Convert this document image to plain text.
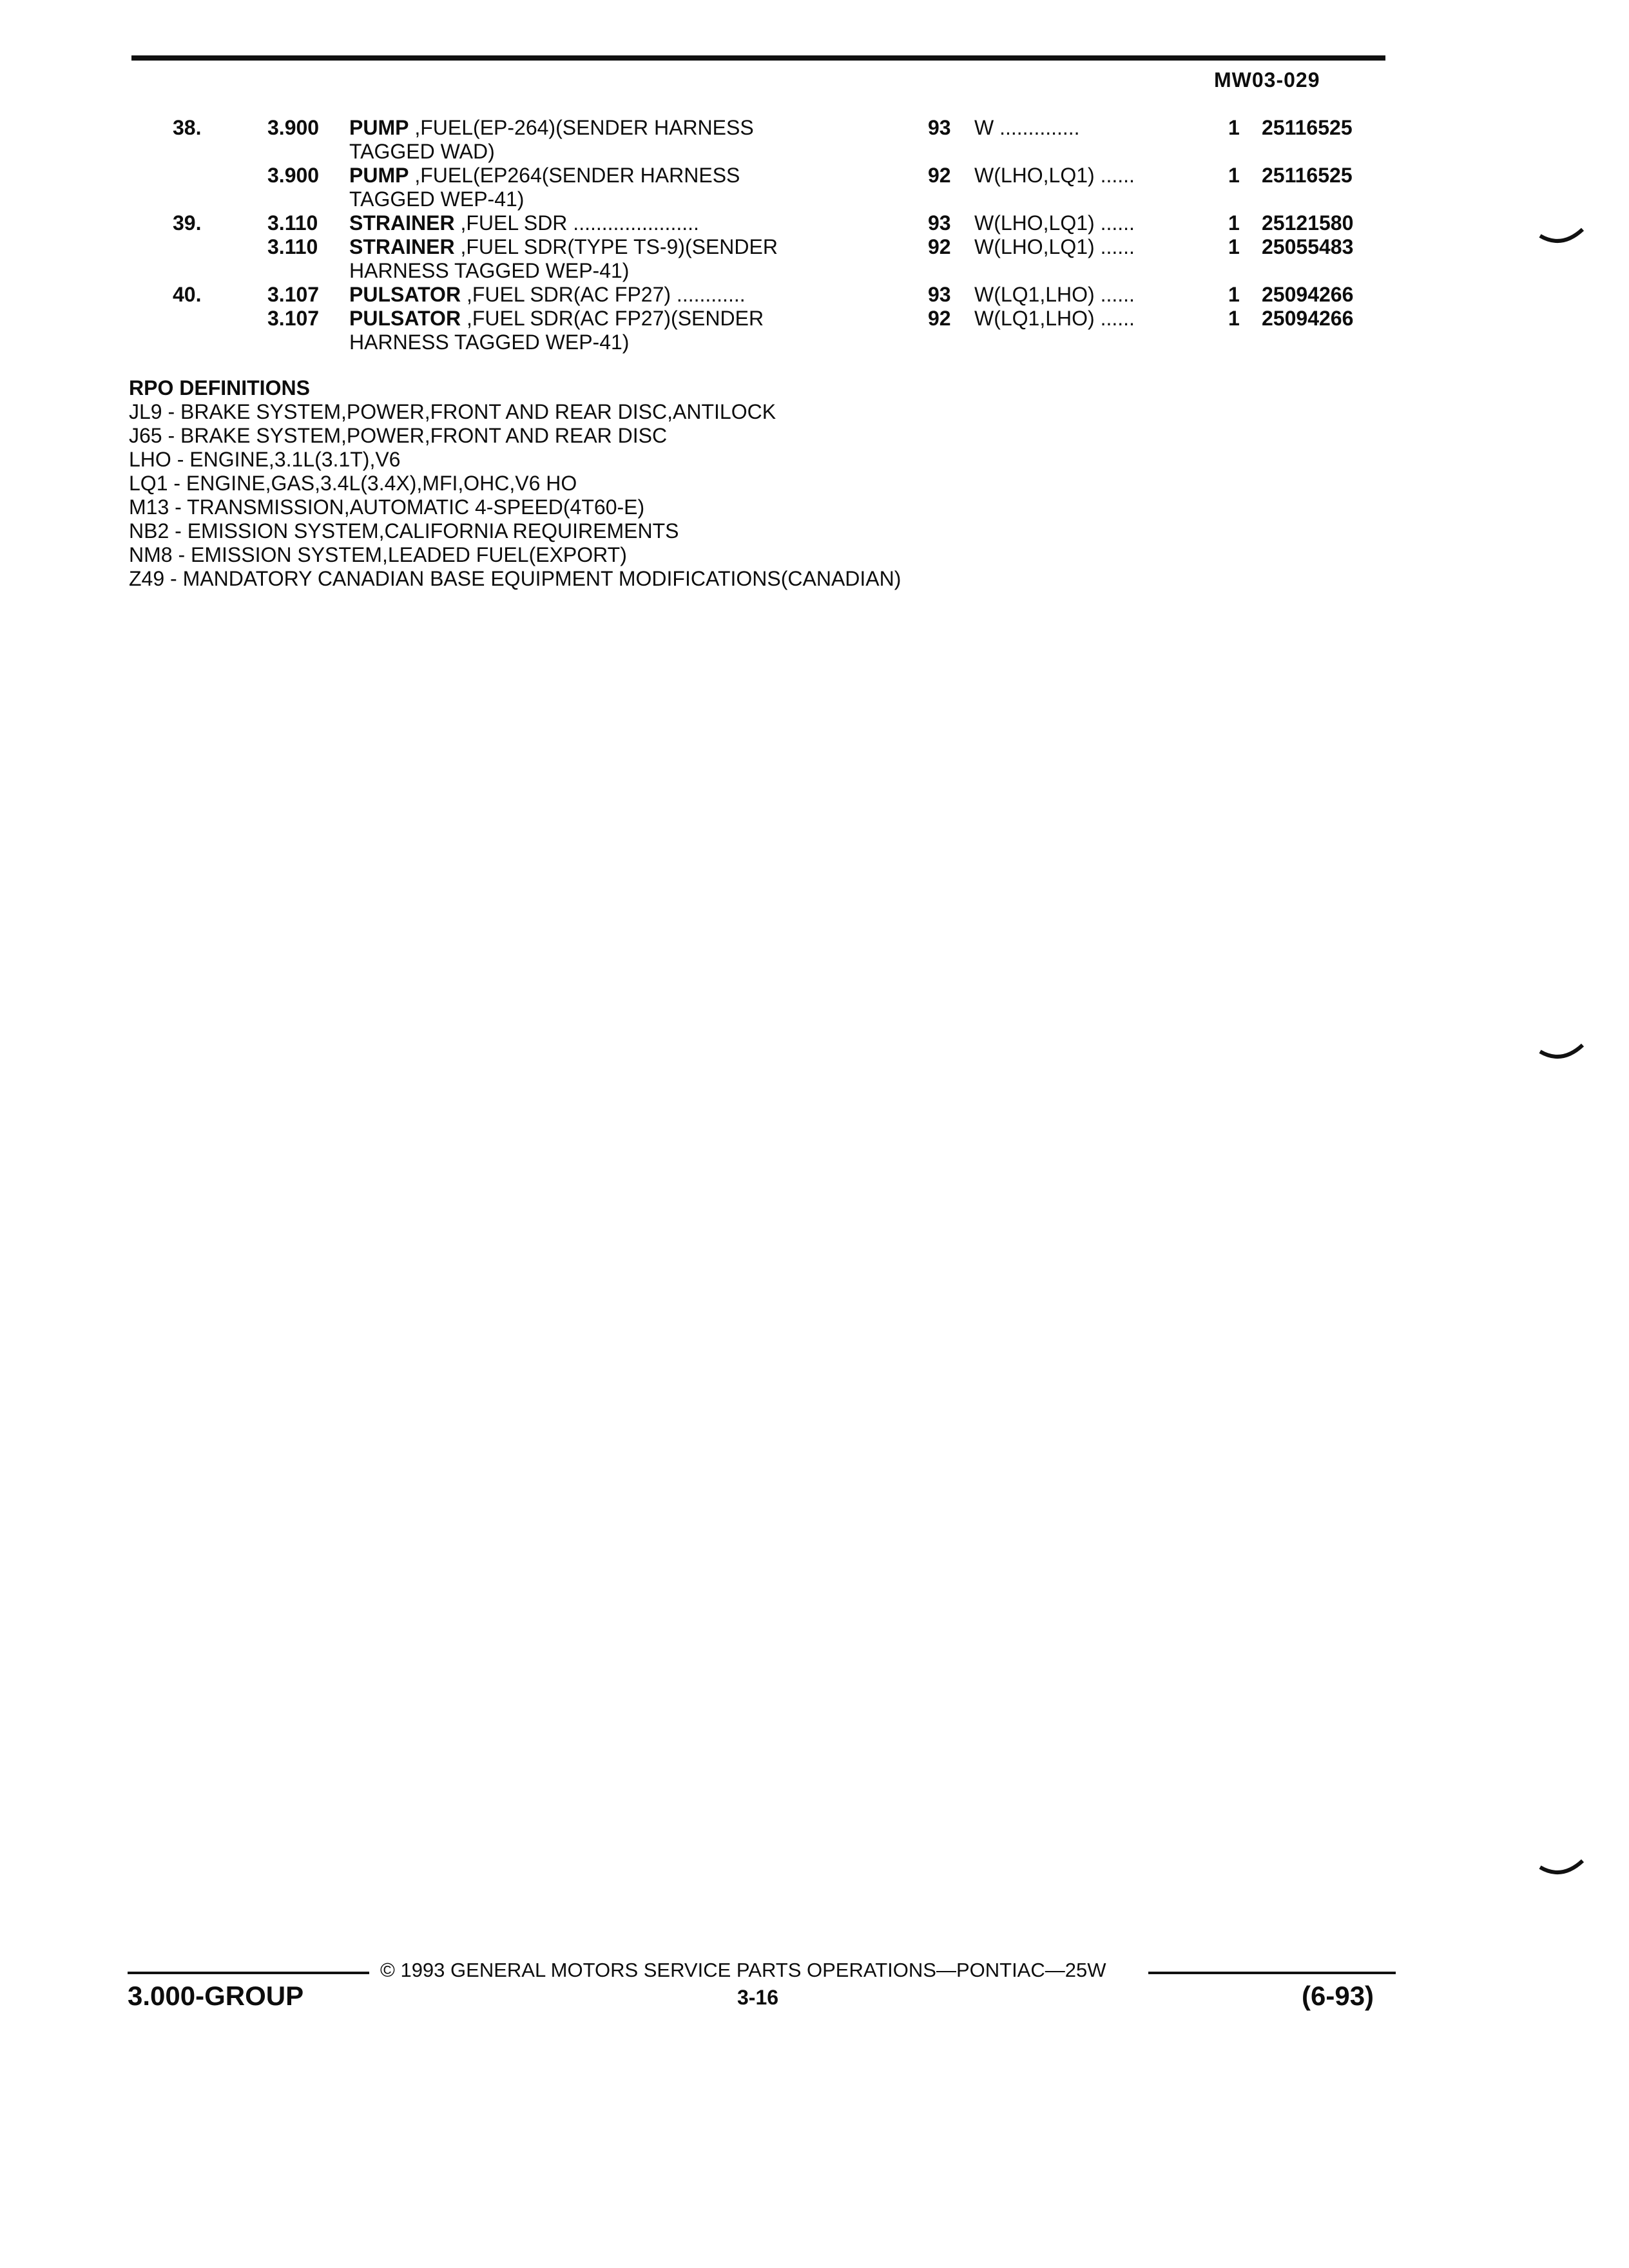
MW03-029
38.	3.900 PUMP ,FUEL(EP-264)(SENDER HARNESS	93 W ..............	1 25116525
TAGGED WAD)
3.900 PUMP ,FUEL(EP264(SENDER HARNESS	92 W(LHO,LQ1) ......	1 25116525
TAGGED WEP-41)
39.	3.110 STRAINER ,FUEL SDR ......................	93 W(LHO,LQ1) ......	1 25121580
3.110 STRAINER ,FUEL SDR(TYPE TS-9)(SENDER	92 W(LHO,LQ1) ......	1 25055483
HARNESS TAGGED WEP-41)
40.	3.107 PULSATOR ,FUEL SDR(AC FP27) ............	93 W(LQ1,LHO) ......	1 25094266
3.107 PULSATOR ,FUEL SDR(AC FP27)(SENDER	92 W(LQ1,LHO) ......	1 25094266
HARNESS TAGGED WEP-41)
RPO DEFINITIONS
JL9 - BRAKE SYSTEM,POWER,FRONT AND REAR DISC,ANTILOCK
J65 - BRAKE SYSTEM,POWER,FRONT AND REAR DISC
LHO - ENGINE,3.1L(3.1T),V6
LQ1 - ENGINE,GAS,3.4L(3.4X),MFI,OHC,V6 HO
M13 - TRANSMISSION,AUTOMATIC 4-SPEED(4T60-E)
NB2 - EMISSION SYSTEM,CALIFORNIA REQUIREMENTS
NM8 - EMISSION SYSTEM,LEADED FUEL(EXPORT)
Z49 - MANDATORY CANADIAN BASE EQUIPMENT MODIFICATIONS(CANADIAN)
© 1993 GENERAL MOTORS SERVICE PARTS OPERATIONS—PONTIAC—25W
3.000-GROUP	3-16	(6-93)
